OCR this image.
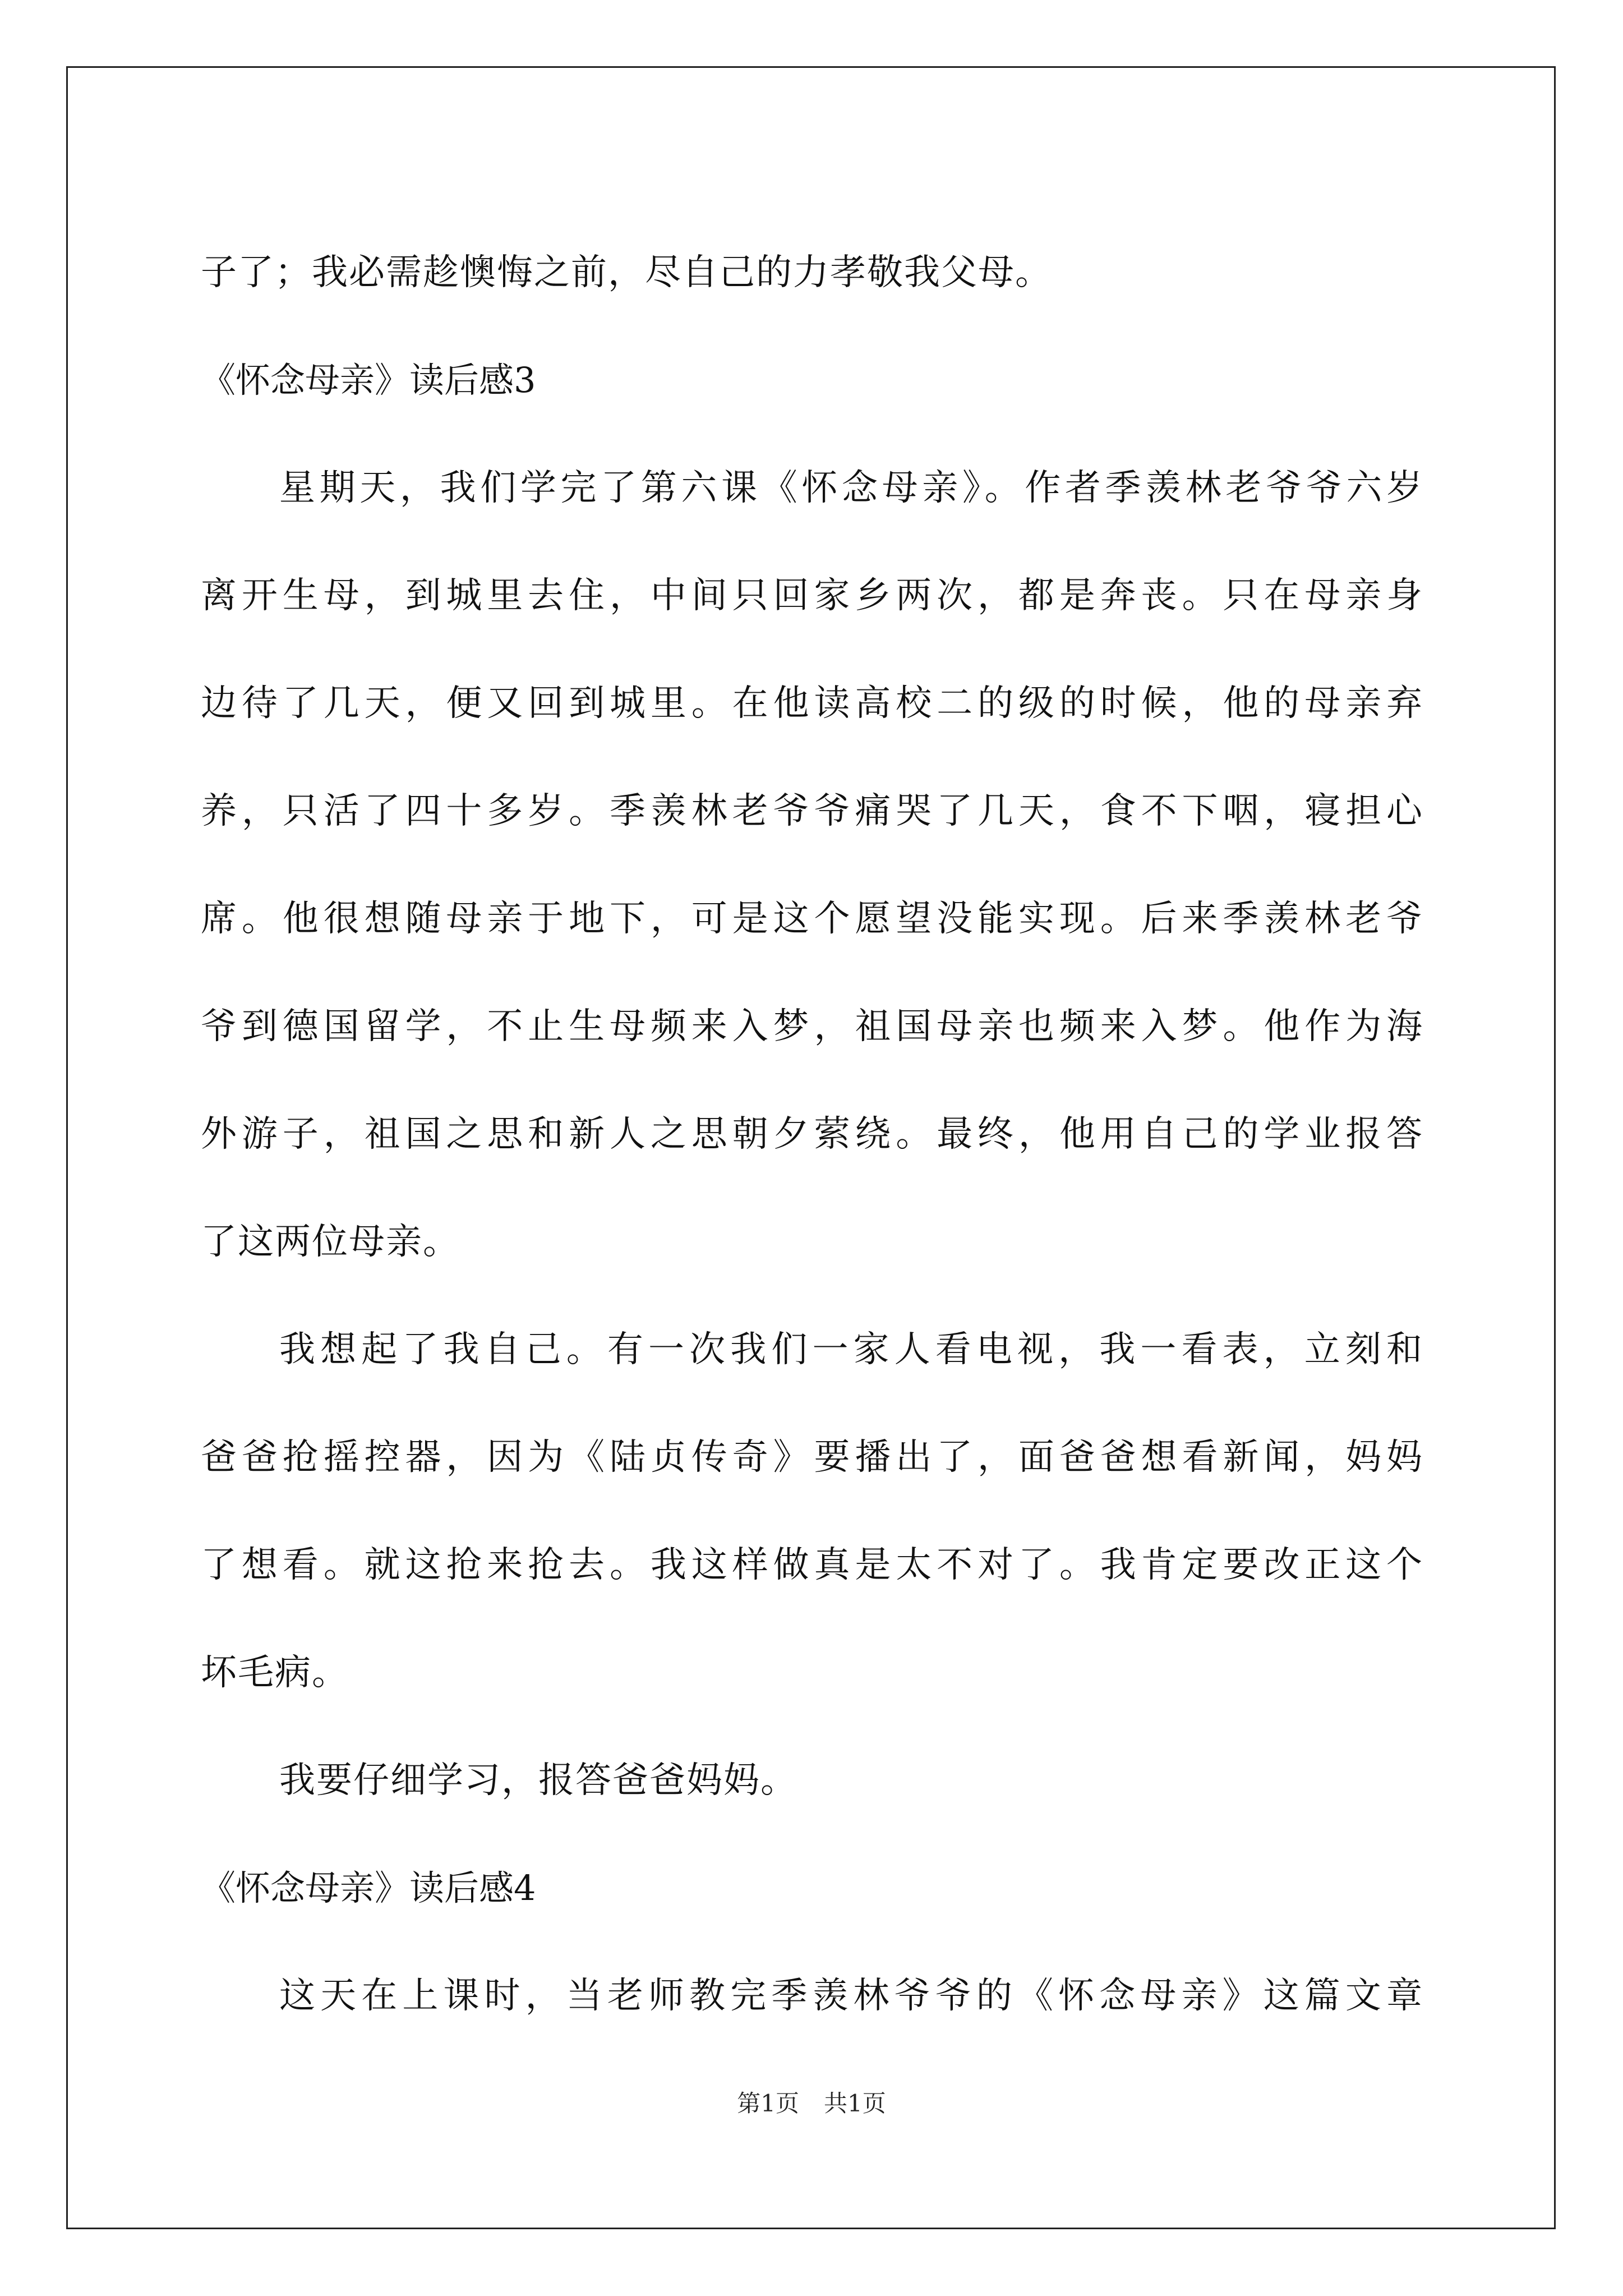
子了；我必需趁懊悔之前，尽自己的力孝敬我父母。
《怀念母亲》读后感3
星期天，我们学完了第六课《怀念母亲》。作者季羡林老爷爷六岁
离开生母，到城里去住，中间只回家乡两次，都是奔丧。只在母亲身
边待了几天，便又回到城里。在他读高校二的级的时候，他的母亲弃
养，只活了四十多岁。季羡林老爷爷痛哭了几天，食不下咽，寝担心
席。他很想随母亲于地下，可是这个愿望没能实现。后来季羡林老爷
爷到德国留学，不止生母频来入梦，祖国母亲也频来入梦。他作为海
外游子，祖国之思和新人之思朝夕萦绕。最终，他用自己的学业报答
了这两位母亲。
我想起了我自己。有一次我们一家人看电视，我一看表，立刻和
爸爸抢摇控器，因为《陆贞传奇》要播出了，面爸爸想看新闻，妈妈
了想看。就这抢来抢去。我这样做真是太不对了。我肯定要改正这个
坏毛病。
我要仔细学习，报答爸爸妈妈。
《怀念母亲》读后感4
这天在上课时，当老师教完季羡林爷爷的《怀念母亲》这篇文章
第1页 共1页
